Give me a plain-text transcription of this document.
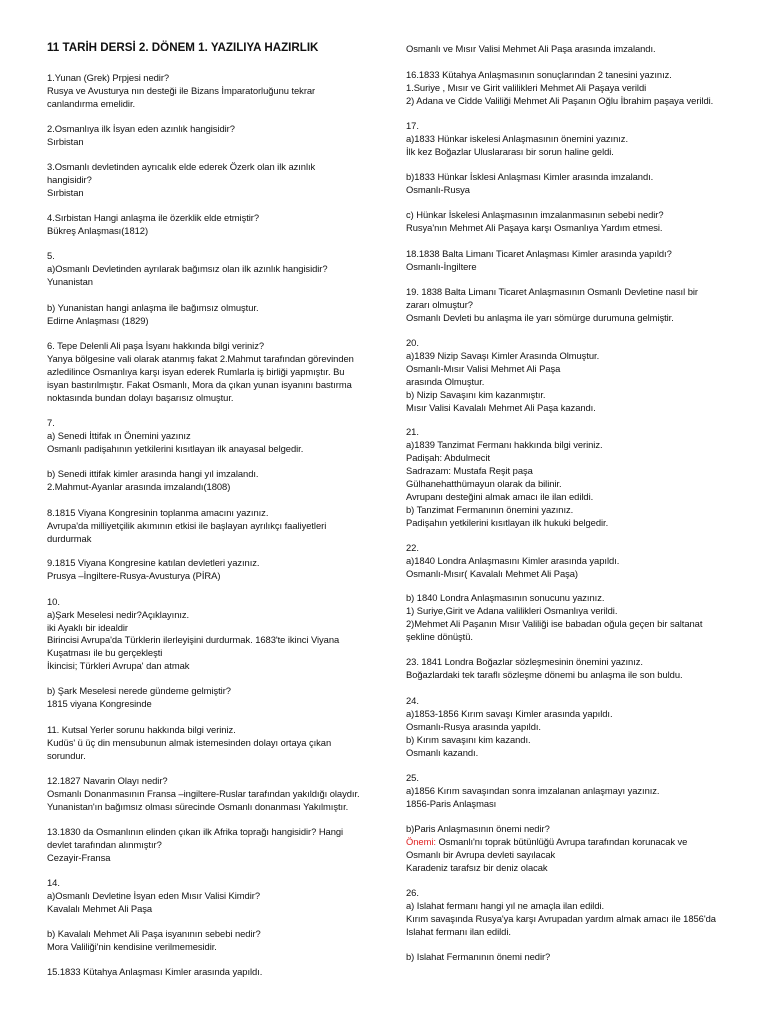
11 TARİH DERSİ 2. DÖNEM 1. YAZILIYA HAZIRLIK
1.Yunan (Grek) Prpjesi nedir?
Rusya ve Avusturya nın desteği ile Bizans İmparatorluğunu tekrar
canlandırma emelidir.
2.Osmanlıya ilk İsyan eden azınlık hangisidir?
Sırbistan
3.Osmanlı devletinden ayrıcalık elde ederek Özerk olan ilk azınlık
hangisidir?
Sırbistan
4.Sırbistan Hangi anlaşma ile özerklik elde etmiştir?
Bükreş Anlaşması(1812)
5.
a)Osmanlı Devletinden ayrılarak bağımsız olan ilk azınlık hangisidir?
Yunanistan
b) Yunanistan hangi anlaşma ile bağımsız olmuştur.
Edirne Anlaşması (1829)
6. Tepe Delenli Ali paşa İsyanı hakkında bilgi veriniz?
Yanya bölgesine vali olarak atanmış fakat 2.Mahmut tarafından görevinden
azledilince Osmanlıya karşı isyan ederek Rumlarla iş birliği yapmıştır. Bu
isyan bastırılmıştır. Fakat Osmanlı, Mora da çıkan yunan isyanını bastırma
noktasında bundan dolayı başarısız olmuştur.
7.
a) Senedi İttifak ın Önemini yazınız
Osmanlı padişahının yetkilerini kısıtlayan ilk anayasal belgedir.
b) Senedi ittifak kimler arasında hangi yıl imzalandı.
2.Mahmut-Ayanlar arasında imzalandı(1808)
8.1815 Viyana Kongresinin toplanma amacını yazınız.
Avrupa'da milliyetçilik akımının etkisi ile başlayan ayrılıkçı faaliyetleri
durdurmak
9.1815 Viyana Kongresine katılan devletleri yazınız.
Prusya –İngiltere-Rusya-Avusturya (PİRA)
10.
a)Şark Meselesi nedir?Açıklayınız.
iki Ayaklı bir idealdir
Birincisi Avrupa'da Türklerin ilerleyişini durdurmak. 1683'te ikinci Viyana
Kuşatması ile bu gerçekleşti
İkincisi; Türkleri Avrupa' dan atmak
b) Şark Meselesi nerede gündeme gelmiştir?
1815 viyana Kongresinde
11. Kutsal Yerler sorunu hakkında bilgi veriniz.
Kudüs' ü üç din mensubunun almak istemesinden dolayı ortaya çıkan
sorundur.
12.1827 Navarin Olayı nedir?
Osmanlı Donanmasının Fransa –ingiltere-Ruslar tarafından yakıldığı olaydır.
Yunanistan'ın bağımsız olması sürecinde Osmanlı donanması Yakılmıştır.
13.1830 da Osmanlının elinden çıkan ilk Afrika toprağı hangisidir? Hangi
devlet tarafından alınmıştır?
Cezayir-Fransa
14.
a)Osmanlı Devletine İsyan eden Mısır Valisi Kimdir?
Kavalalı Mehmet Ali Paşa
b) Kavalalı Mehmet Ali Paşa isyanının sebebi nedir?
Mora Valiliği'nin kendisine verilmemesidir.
15.1833 Kütahya Anlaşması Kimler arasında yapıldı.
Osmanlı ve Mısır Valisi Mehmet Ali Paşa arasında imzalandı.
16.1833 Kütahya Anlaşmasının sonuçlarından 2 tanesini yazınız.
1.Suriye , Mısır ve Girit valilikleri Mehmet Ali Paşaya verildi
2) Adana ve Cidde Valiliği Mehmet Ali Paşanın Oğlu İbrahim paşaya verildi.
17.
a)1833 Hünkar iskelesi Anlaşmasının önemini yazınız.
İlk kez Boğazlar Uluslararası bir sorun haline geldi.
b)1833 Hünkar İsklesi Anlaşması Kimler arasında imzalandı.
Osmanlı-Rusya
c) Hünkar İskelesi Anlaşmasının imzalanmasının sebebi nedir?
Rusya'nın Mehmet Ali Paşaya karşı Osmanlıya Yardım etmesi.
18.1838 Balta Limanı Ticaret Anlaşması Kimler arasında yapıldı?
Osmanlı-İngiltere
19. 1838 Balta Limanı Ticaret Anlaşmasının Osmanlı Devletine nasıl bir
zararı olmuştur?
Osmanlı Devleti bu anlaşma ile yarı sömürge durumuna gelmiştir.
20.
a)1839 Nizip Savaşı Kimler Arasında Olmuştur.
Osmanlı-Mısır Valisi Mehmet Ali Paşa
arasında Olmuştur.
b) Nizip Savaşını kim kazanmıştır.
Mısır Valisi Kavalalı Mehmet Ali Paşa kazandı.
21.
a)1839 Tanzimat Fermanı hakkında bilgi veriniz.
Padişah: Abdulmecit
Sadrazam: Mustafa Reşit paşa
Gülhanehatthümayun olarak da bilinir.
Avrupanı desteğini almak amacı ile ilan edildi.
b) Tanzimat Fermanının önemini yazınız.
Padişahın yetkilerini kısıtlayan ilk hukuki belgedir.
22.
a)1840 Londra Anlaşmasını Kimler arasında yapıldı.
Osmanlı-Mısır( Kavalalı Mehmet Ali Paşa)
b) 1840 Londra Anlaşmasının sonucunu yazınız.
1) Suriye,Girit ve Adana valilikleri Osmanlıya verildi.
2)Mehmet Ali Paşanın Mısır Valiliği ise babadan oğula geçen bir saltanat
şekline dönüştü.
23. 1841 Londra Boğazlar sözleşmesinin önemini yazınız.
Boğazlardaki tek taraflı sözleşme dönemi bu anlaşma ile son buldu.
24.
a)1853-1856 Kırım savaşı Kimler arasında yapıldı.
Osmanlı-Rusya arasında yapıldı.
b) Kırım savaşını kim kazandı.
Osmanlı kazandı.
25.
a)1856 Kırım savaşından sonra imzalanan anlaşmayı yazınız.
1856-Paris Anlaşması
b)Paris Anlaşmasının önemi nedir?
Önemi: Osmanlı'nı toprak bütünlüğü Avrupa tarafından korunacak ve
Osmanlı bir Avrupa devleti sayılacak
Karadeniz tarafsız bir deniz olacak
26.
a) Islahat fermanı hangi yıl ne amaçla ilan edildi.
Kırım savaşında Rusya'ya karşı Avrupadan yardım almak amacı ile 1856'da
Islahat fermanı ilan edildi.
b) Islahat Fermanının önemi nedir?
